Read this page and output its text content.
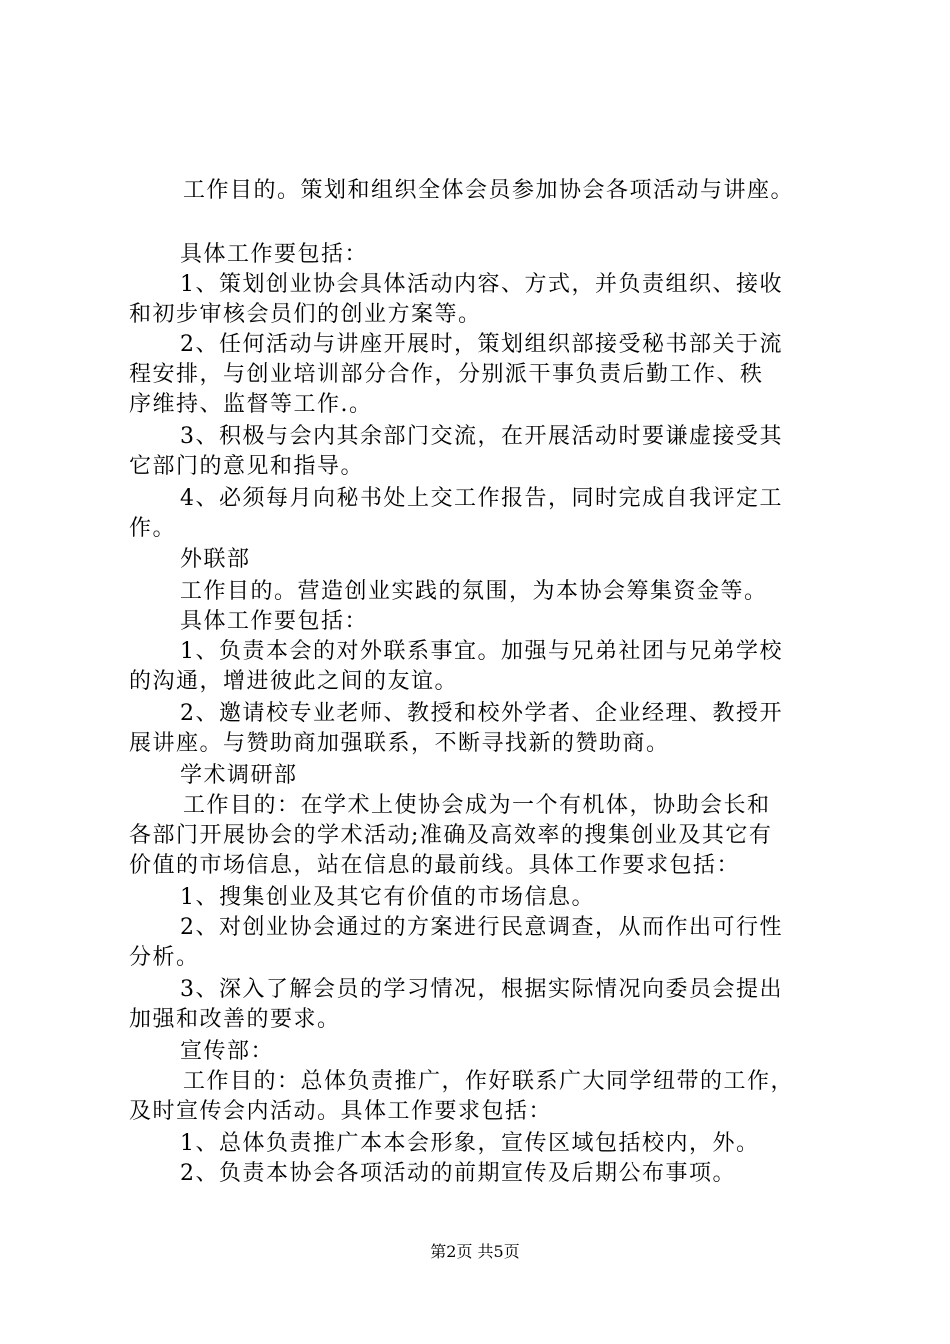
工作目的。策划和组织全体会员参加协会各项活动与讲座。
具体工作要包括：
1、策划创业协会具体活动内容、方式，并负责组织、接收
和初步审核会员们的创业方案等。
2、任何活动与讲座开展时，策划组织部接受秘书部关于流
程安排，与创业培训部分合作，分别派干事负责后勤工作、秩
序维持、监督等工作.。
3、积极与会内其余部门交流，在开展活动时要谦虚接受其
它部门的意见和指导。
4、必须每月向秘书处上交工作报告，同时完成自我评定工
作。
外联部
工作目的。营造创业实践的氛围，为本协会筹集资金等。
具体工作要包括：
1、负责本会的对外联系事宜。加强与兄弟社团与兄弟学校
的沟通，增进彼此之间的友谊。
2、邀请校专业老师、教授和校外学者、企业经理、教授开
展讲座。与赞助商加强联系，不断寻找新的赞助商。
学术调研部
工作目的：在学术上使协会成为一个有机体，协助会长和
各部门开展协会的学术活动;准确及高效率的搜集创业及其它有
价值的市场信息，站在信息的最前线。具体工作要求包括：
1、搜集创业及其它有价值的市场信息。
2、对创业协会通过的方案进行民意调查，从而作出可行性
分析。
3、深入了解会员的学习情况，根据实际情况向委员会提出
加强和改善的要求。
宣传部：
工作目的：总体负责推广，作好联系广大同学纽带的工作，
及时宣传会内活动。具体工作要求包括：
1、总体负责推广本本会形象，宣传区域包括校内，外。
2、负责本协会各项活动的前期宣传及后期公布事项。
第2页 共5页
